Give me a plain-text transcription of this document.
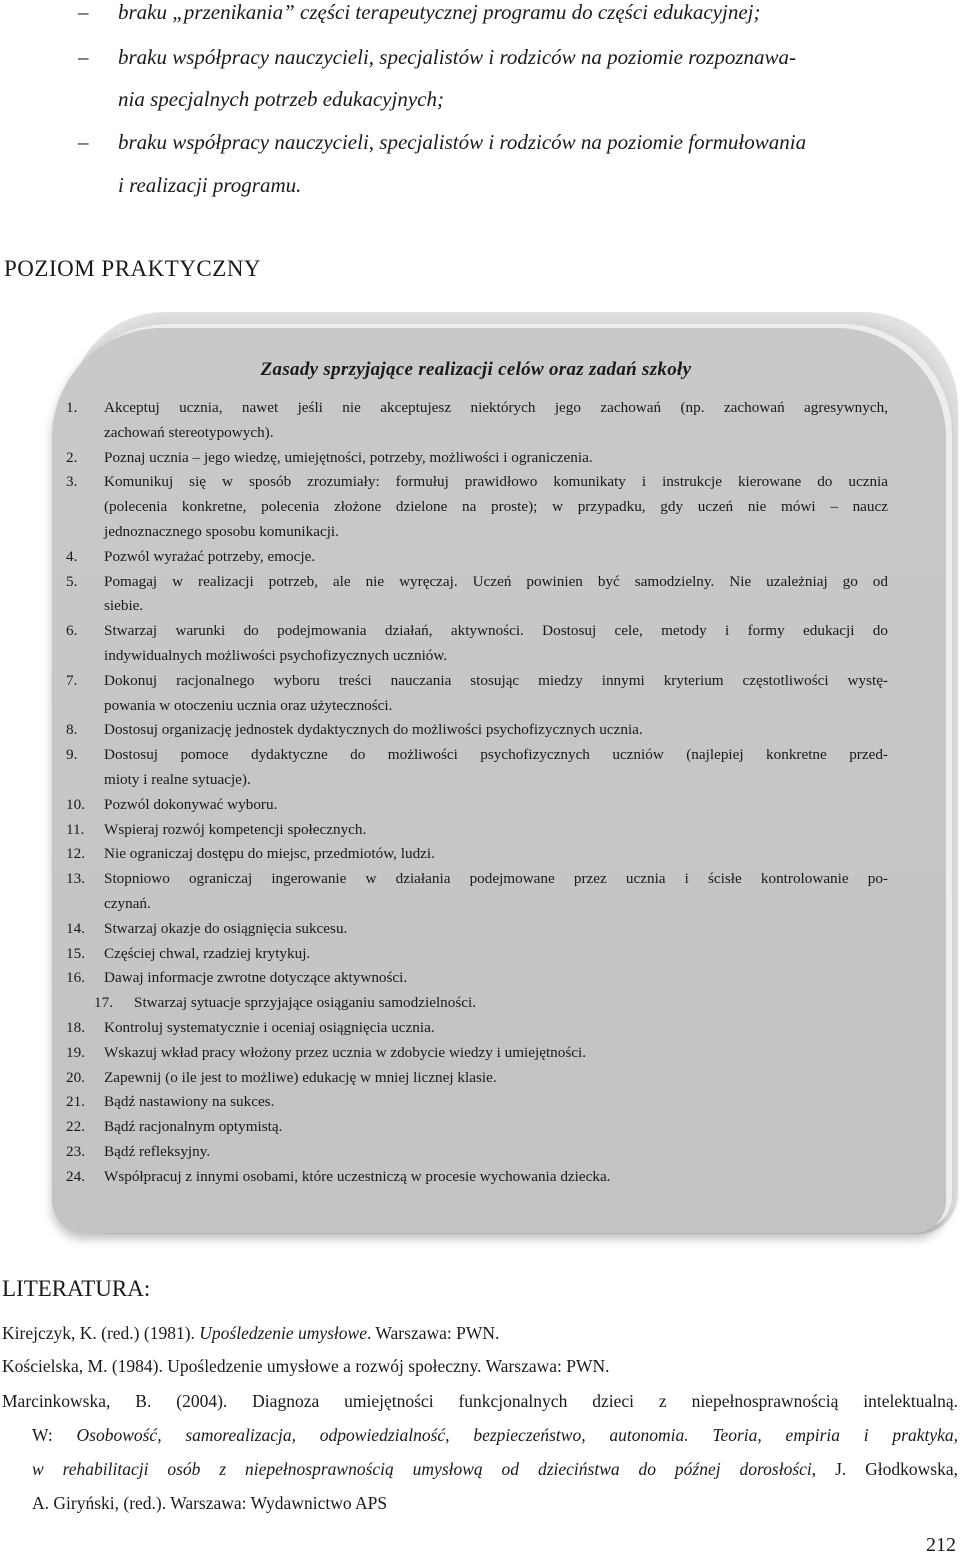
– braku „przenikania” części terapeutycznej programu do części edukacyjnej;
– braku współpracy nauczycieli, specjalistów i rodziców na poziomie rozpoznawa-
nia specjalnych potrzeb edukacyjnych;
– braku współpracy nauczycieli, specjalistów i rodziców na poziomie formułowania
i realizacji programu.
POZIOM PRAKTYCZNY
Zasady sprzyjające realizacji celów oraz zadań szkoły
1. Akceptuj ucznia, nawet jeśli nie akceptujesz niektórych jego zachowań (np. zachowań agresywnych,
zachowań stereotypowych).
2. Poznaj ucznia – jego wiedzę, umiejętności, potrzeby, możliwości i ograniczenia.
3. Komunikuj się w sposób zrozumiały: formułuj prawidłowo komunikaty i instrukcje kierowane do ucznia
(polecenia konkretne, polecenia złożone dzielone na proste); w przypadku, gdy uczeń nie mówi – naucz
jednoznacznego sposobu komunikacji.
4. Pozwól wyrażać potrzeby, emocje.
5. Pomagaj w realizacji potrzeb, ale nie wyręczaj. Uczeń powinien być samodzielny. Nie uzależniaj go od
siebie.
6. Stwarzaj warunki do podejmowania działań, aktywności. Dostosuj cele, metody i formy edukacji do
indywidualnych możliwości psychofizycznych uczniów.
7. Dokonuj racjonalnego wyboru treści nauczania stosując miedzy innymi kryterium częstotliwości wystę-
powania w otoczeniu ucznia oraz użyteczności.
8. Dostosuj organizację jednostek dydaktycznych do możliwości psychofizycznych ucznia.
9. Dostosuj pomoce dydaktyczne do możliwości psychofizycznych uczniów (najlepiej konkretne przed-
mioty i realne sytuacje).
10. Pozwól dokonywać wyboru.
11. Wspieraj rozwój kompetencji społecznych.
12. Nie ograniczaj dostępu do miejsc, przedmiotów, ludzi.
13. Stopniowo ograniczaj ingerowanie w działania podejmowane przez ucznia i ścisłe kontrolowanie po-
czynań.
14. Stwarzaj okazje do osiągnięcia sukcesu.
15. Częściej chwal, rzadziej krytykuj.
16. Dawaj informacje zwrotne dotyczące aktywności.
17. Stwarzaj sytuacje sprzyjające osiąganiu samodzielności.
18. Kontroluj systematycznie i oceniaj osiągnięcia ucznia.
19. Wskazuj wkład pracy włożony przez ucznia w zdobycie wiedzy i umiejętności.
20. Zapewnij (o ile jest to możliwe) edukację w mniej licznej klasie.
21. Bądź nastawiony na sukces.
22. Bądź racjonalnym optymistą.
23. Bądź refleksyjny.
24. Współpracuj z innymi osobami, które uczestniczą w procesie wychowania dziecka.
LITERATURA:
Kirejczyk, K. (red.) (1981). Upośledzenie umysłowe. Warszawa: PWN.
Kościelska, M. (1984). Upośledzenie umysłowe a rozwój społeczny. Warszawa: PWN.
Marcinkowska, B. (2004). Diagnoza umiejętności funkcjonalnych dzieci z niepełnosprawnością intelektualną.
W: Osobowość, samorealizacja, odpowiedzialność, bezpieczeństwo, autonomia. Teoria, empiria i praktyka,
w rehabilitacji osób z niepełnosprawnością umysłową od dzieciństwa do późnej dorosłości, J. Głodkowska,
A. Giryński, (red.). Warszawa: Wydawnictwo APS
212
